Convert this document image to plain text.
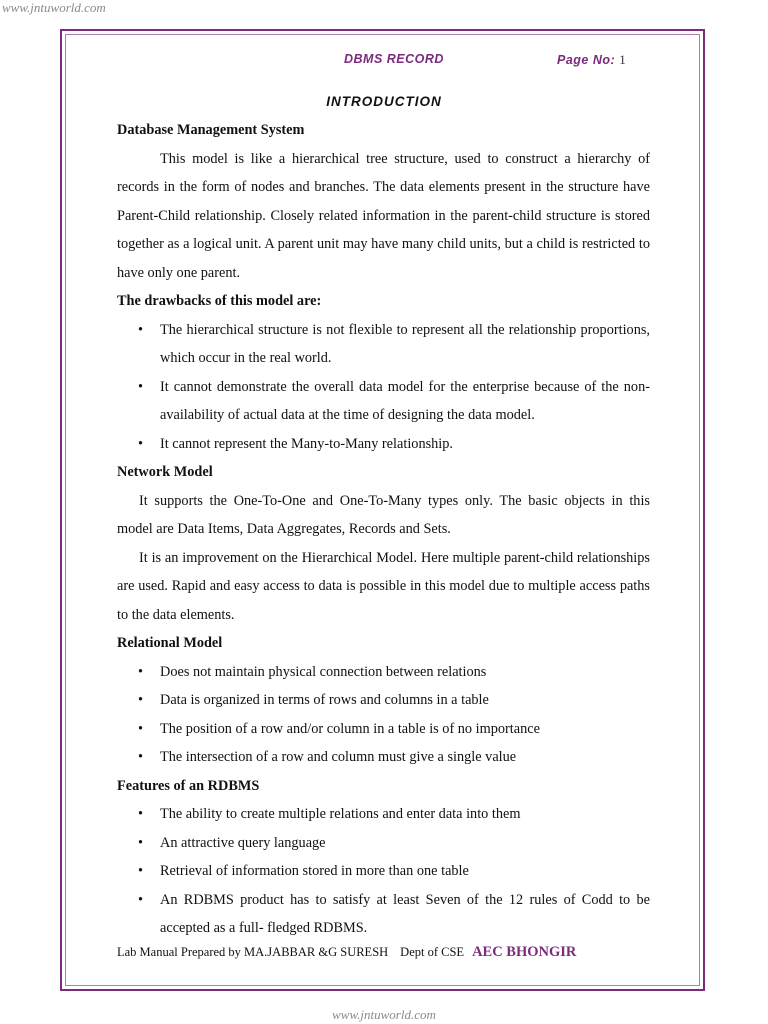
www.jntuworld.com
DBMS RECORD	Page No: 1
INTRODUCTION

Database Management System

This model is like a hierarchical tree structure, used to construct a hierarchy of records in the form of nodes and branches. The data elements present in the structure have Parent-Child relationship. Closely related information in the parent-child structure is stored together as a logical unit. A parent unit may have many child units, but a child is restricted to have only one parent.

The drawbacks of this model are:

• The hierarchical structure is not flexible to represent all the relationship proportions, which occur in the real world.
• It cannot demonstrate the overall data model for the enterprise because of the non-availability of actual data at the time of designing the data model.
• It cannot represent the Many-to-Many relationship.

Network Model

It supports the One-To-One and One-To-Many types only. The basic objects in this model are Data Items, Data Aggregates, Records and Sets.

It is an improvement on the Hierarchical Model. Here multiple parent-child relationships are used. Rapid and easy access to data is possible in this model due to multiple access paths to the data elements.

Relational Model

• Does not maintain physical connection between relations
• Data is organized in terms of rows and columns in a table
• The position of a row and/or column in a table is of no importance
• The intersection of a row and column must give a single value

Features of an RDBMS

• The ability to create multiple relations and enter data into them
• An attractive query language
• Retrieval of information stored in more than one table
• An RDBMS product has to satisfy at least Seven of the 12 rules of Codd to be accepted as a full- fledged RDBMS.
Lab Manual Prepared by MA.JABBAR &G SURESH Dept of CSE AEC BHONGIR
www.jntuworld.com
